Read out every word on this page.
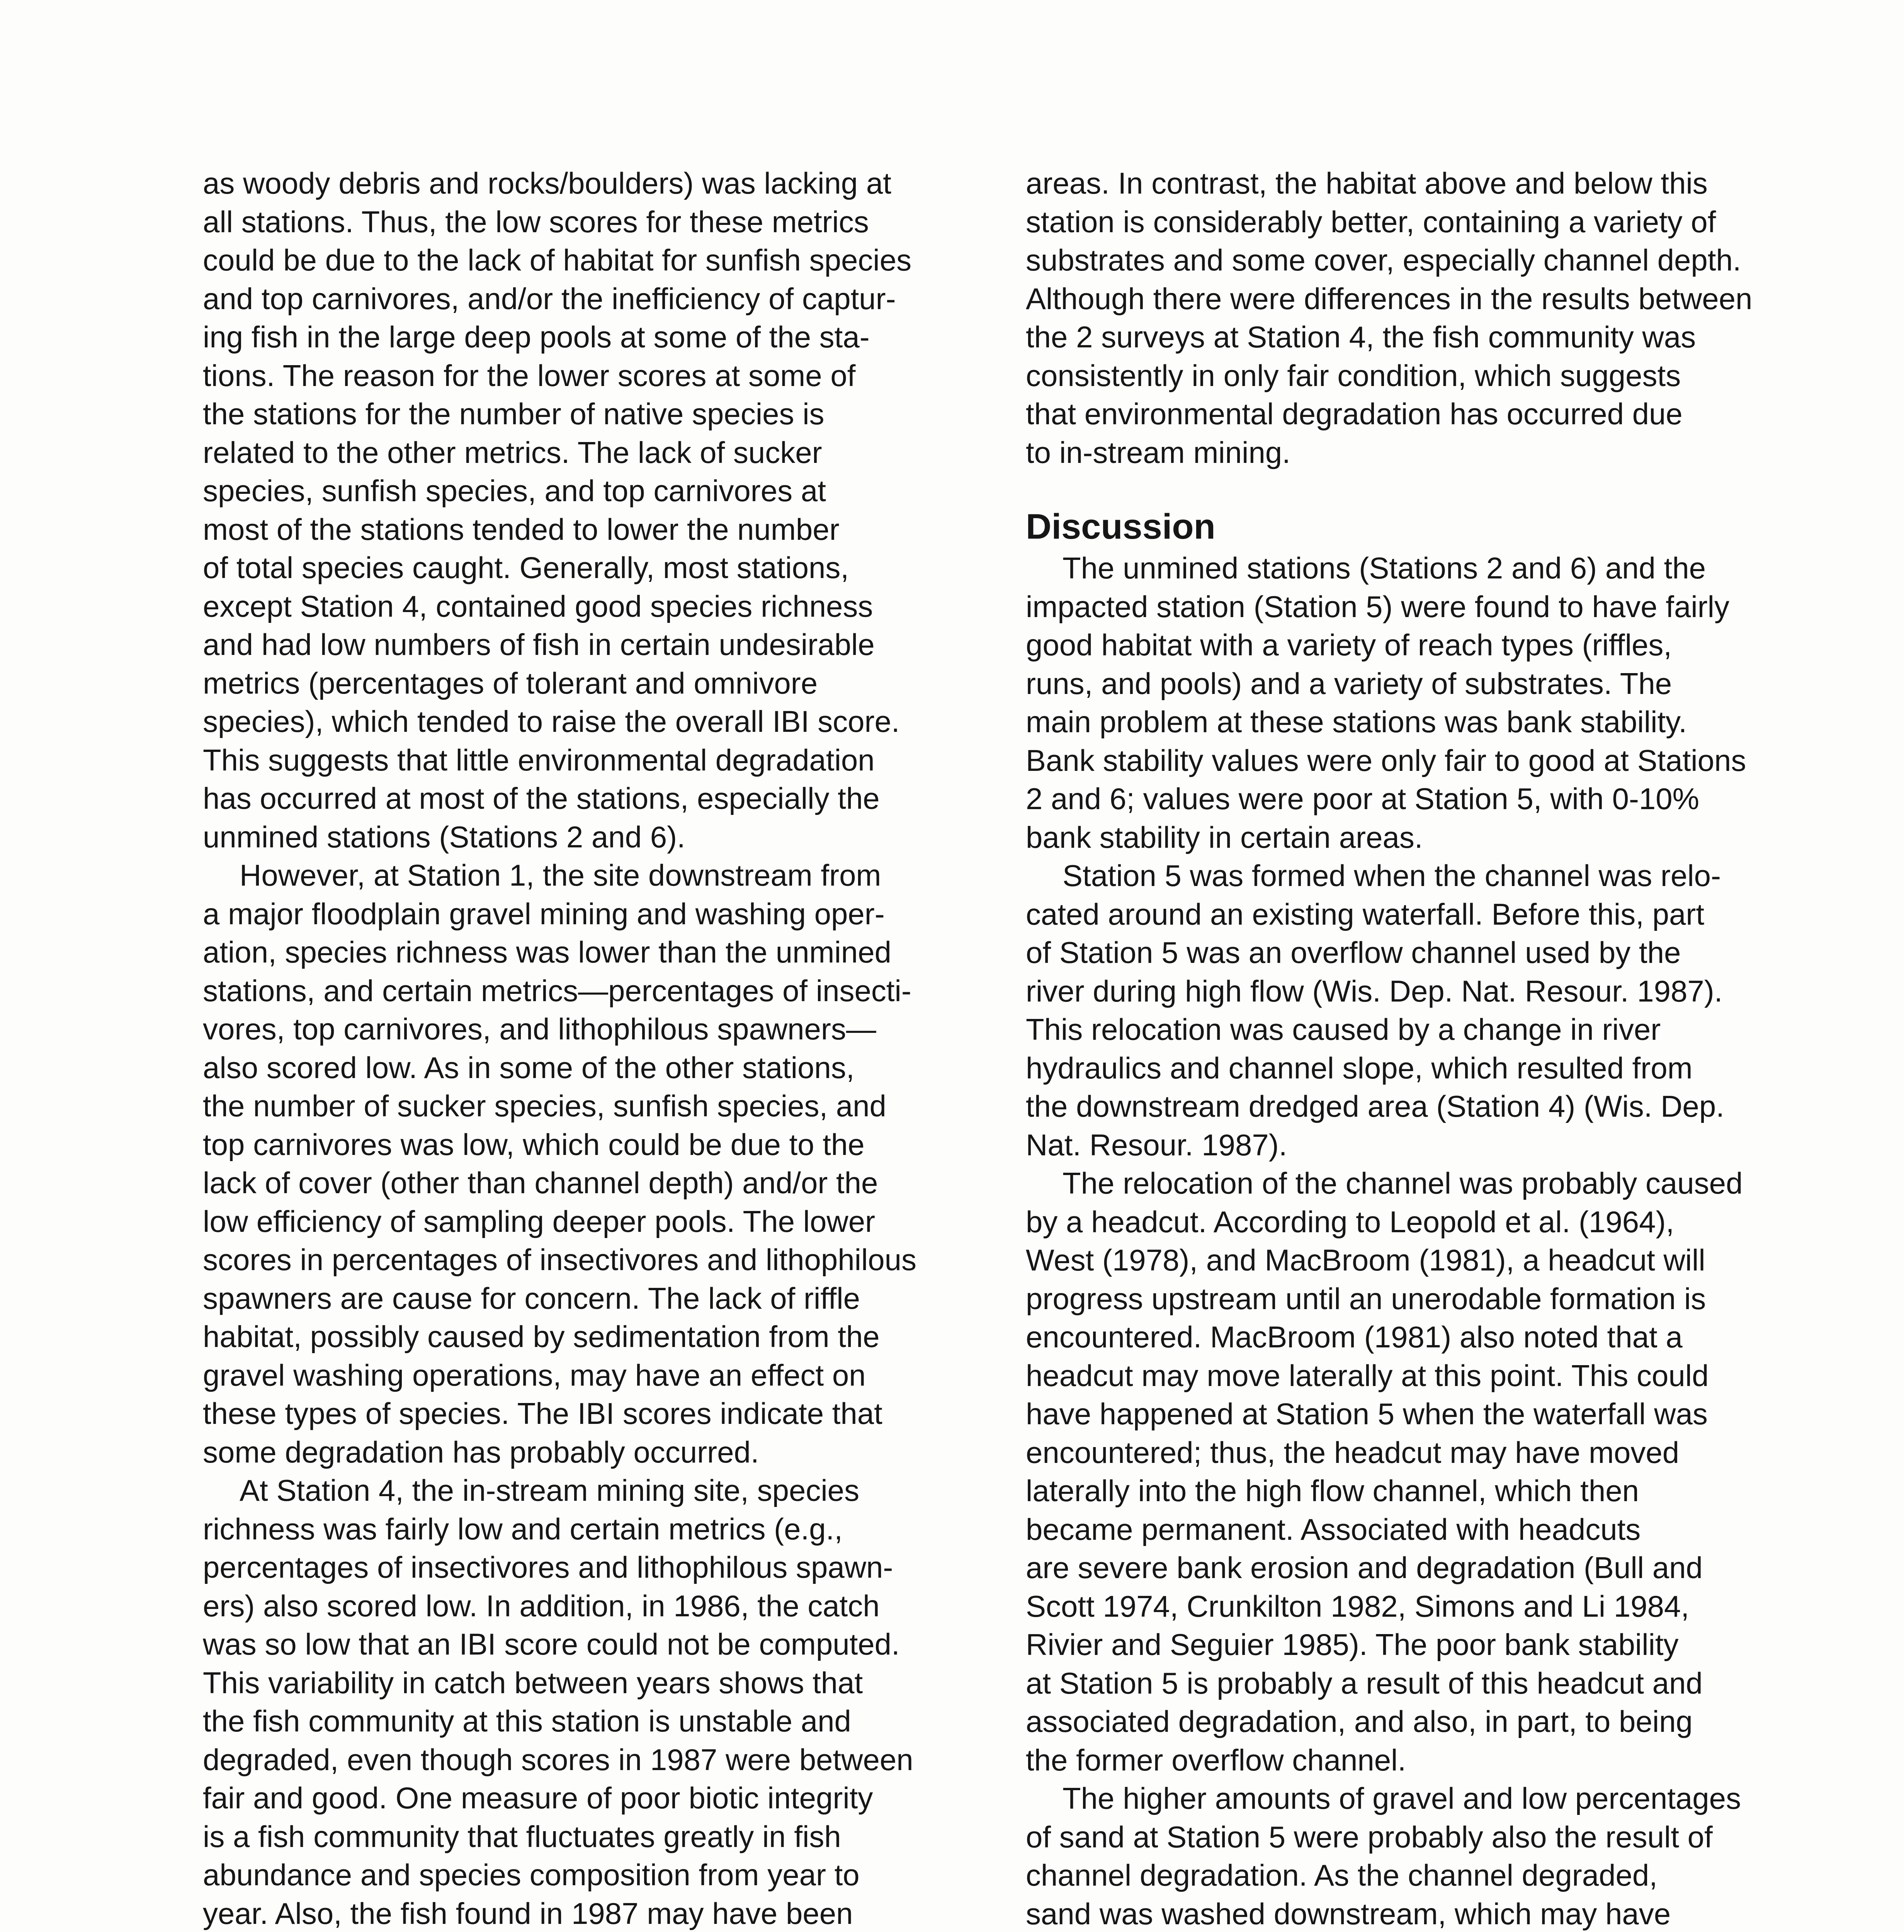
as woody debris and rocks/boulders) was lacking at
all stations. Thus, the low scores for these metrics
could be due to the lack of habitat for sunfish species
and top carnivores, and/or the inefficiency of captur-
ing fish in the large deep pools at some of the sta-
tions. The reason for the lower scores at some of
the stations for the number of native species is
related to the other metrics. The lack of sucker
species, sunfish species, and top carnivores at
most of the stations tended to lower the number
of total species caught. Generally, most stations,
except Station 4, contained good species richness
and had low numbers of fish in certain undesirable
metrics (percentages of tolerant and omnivore
species), which tended to raise the overall IBI score.
This suggests that little environmental degradation
has occurred at most of the stations, especially the
unmined stations (Stations 2 and 6).
However, at Station 1, the site downstream from
a major floodplain gravel mining and washing oper-
ation, species richness was lower than the unmined
stations, and certain metrics—percentages of insecti-
vores, top carnivores, and lithophilous spawners—
also scored low. As in some of the other stations,
the number of sucker species, sunfish species, and
top carnivores was low, which could be due to the
lack of cover (other than channel depth) and/or the
low efficiency of sampling deeper pools. The lower
scores in percentages of insectivores and lithophilous
spawners are cause for concern. The lack of riffle
habitat, possibly caused by sedimentation from the
gravel washing operations, may have an effect on
these types of species. The IBI scores indicate that
some degradation has probably occurred.
At Station 4, the in-stream mining site, species
richness was fairly low and certain metrics (e.g.,
percentages of insectivores and lithophilous spawn-
ers) also scored low. In addition, in 1986, the catch
was so low that an IBI score could not be computed.
This variability in catch between years shows that
the fish community at this station is unstable and
degraded, even though scores in 1987 were between
fair and good. One measure of poor biotic integrity
is a fish community that fluctuates greatly in fish
abundance and species composition from year to
year. Also, the fish found in 1987 may have been
areas. In contrast, the habitat above and below this
station is considerably better, containing a variety of
substrates and some cover, especially channel depth.
Although there were differences in the results between
the 2 surveys at Station 4, the fish community was
consistently in only fair condition, which suggests
that environmental degradation has occurred due
to in-stream mining.
Discussion
The unmined stations (Stations 2 and 6) and the
impacted station (Station 5) were found to have fairly
good habitat with a variety of reach types (riffles,
runs, and pools) and a variety of substrates. The
main problem at these stations was bank stability.
Bank stability values were only fair to good at Stations
2 and 6; values were poor at Station 5, with 0-10%
bank stability in certain areas.
Station 5 was formed when the channel was relo-
cated around an existing waterfall. Before this, part
of Station 5 was an overflow channel used by the
river during high flow (Wis. Dep. Nat. Resour. 1987).
This relocation was caused by a change in river
hydraulics and channel slope, which resulted from
the downstream dredged area (Station 4) (Wis. Dep.
Nat. Resour. 1987).
The relocation of the channel was probably caused
by a headcut. According to Leopold et al. (1964),
West (1978), and MacBroom (1981), a headcut will
progress upstream until an unerodable formation is
encountered. MacBroom (1981) also noted that a
headcut may move laterally at this point. This could
have happened at Station 5 when the waterfall was
encountered; thus, the headcut may have moved
laterally into the high flow channel, which then
became permanent. Associated with headcuts
are severe bank erosion and degradation (Bull and
Scott 1974, Crunkilton 1982, Simons and Li 1984,
Rivier and Seguier 1985). The poor bank stability
at Station 5 is probably a result of this headcut and
associated degradation, and also, in part, to being
the former overflow channel.
The higher amounts of gravel and low percentages
of sand at Station 5 were probably also the result of
channel degradation. As the channel degraded,
sand was washed downstream, which may have
